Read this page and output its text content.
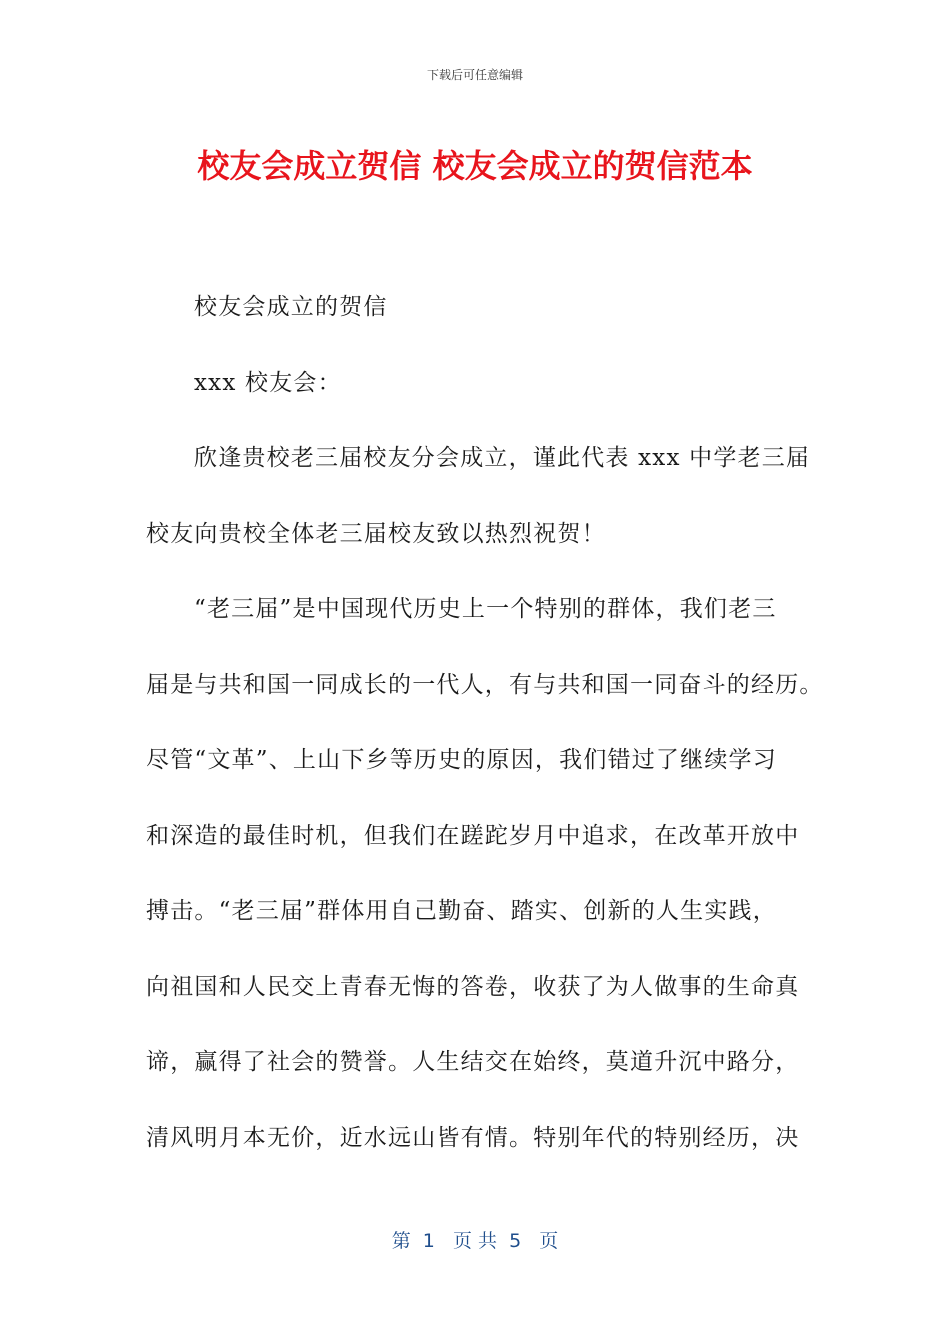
下载后可任意编辑
校友会成立贺信 校友会成立的贺信范本
校友会成立的贺信
xxx 校友会：
欣逢贵校老三届校友分会成立，谨此代表 xxx 中学老三届
校友向贵校全体老三届校友致以热烈祝贺！
“老三届”是中国现代历史上一个特别的群体，我们老三
届是与共和国一同成长的一代人，有与共和国一同奋斗的经历。
尽管“文革”、上山下乡等历史的原因，我们错过了继续学习
和深造的最佳时机，但我们在蹉跎岁月中追求，在改革开放中
搏击。“老三届”群体用自己勤奋、踏实、创新的人生实践，
向祖国和人民交上青春无悔的答卷，收获了为人做事的生命真
谛，赢得了社会的赞誉。人生结交在始终，莫道升沉中路分，
清风明月本无价，近水远山皆有情。特别年代的特别经历，决
第  1   页 共  5   页
